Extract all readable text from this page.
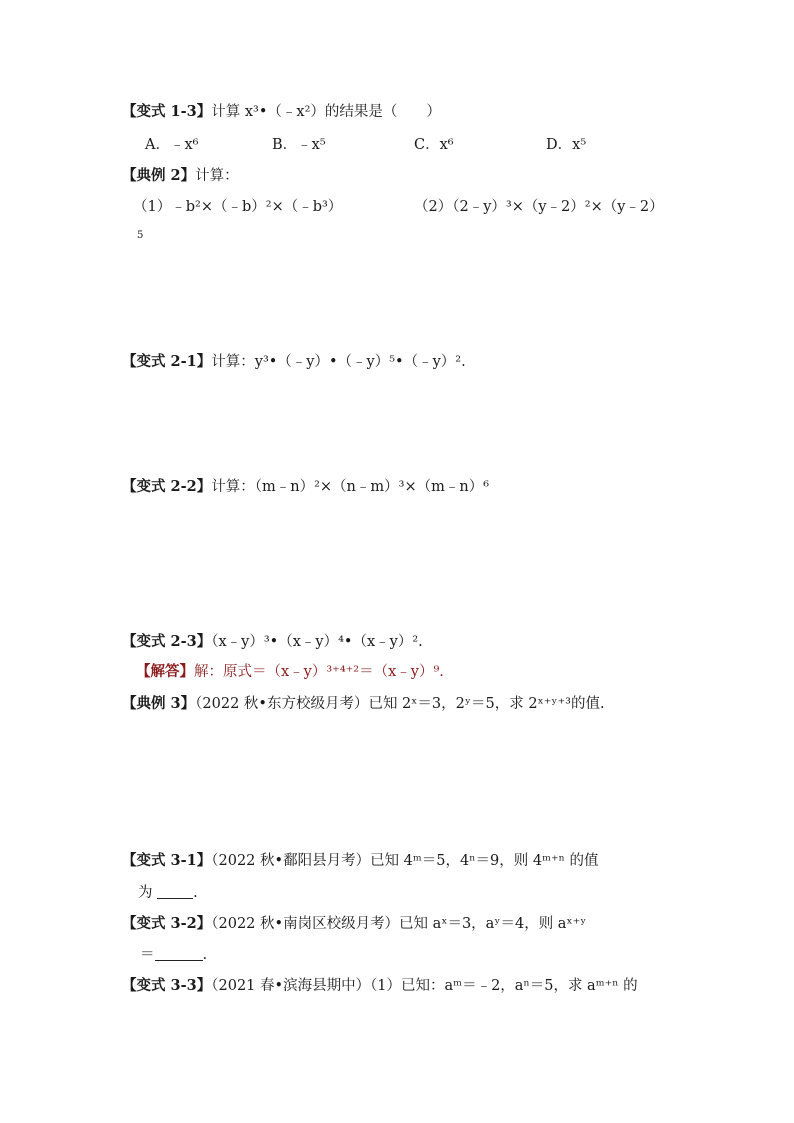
【变式 1-3】计算 x³•（﹣x²）的结果是（　　）
A．﹣x⁶	B．﹣x⁵	C．x⁶	D．x⁵
【典例 2】计算：
（1）﹣b²×（﹣b）²×（﹣b³）	（2）（2﹣y）³×（y﹣2）²×（y﹣2）
5
【变式 2-1】计算：y³•（﹣y）•（﹣y）⁵•（﹣y）².
【变式 2-2】计算：（m﹣n）²×（n﹣m）³×（m﹣n）⁶
【变式 2-3】（x﹣y）³•（x﹣y）⁴•（x﹣y）².
【解答】解：原式＝（x﹣y）³⁺⁴⁺²＝（x﹣y）⁹.
【典例 3】（2022 秋•东方校级月考）已知 2ˣ＝3，2ʸ＝5，求 2ˣ⁺ʸ⁺³的值.
【变式 3-1】（2022 秋•鄱阳县月考）已知 4ᵐ＝5，4ⁿ＝9，则 4ᵐ⁺ⁿ 的值
为	.
【变式 3-2】（2022 秋•南岗区校级月考）已知 aˣ＝3，aʸ＝4，则 aˣ⁺ʸ
＝	.
【变式 3-3】（2021 春•滨海县期中）（1）已知：aᵐ＝﹣2，aⁿ＝5，求 aᵐ⁺ⁿ 的
